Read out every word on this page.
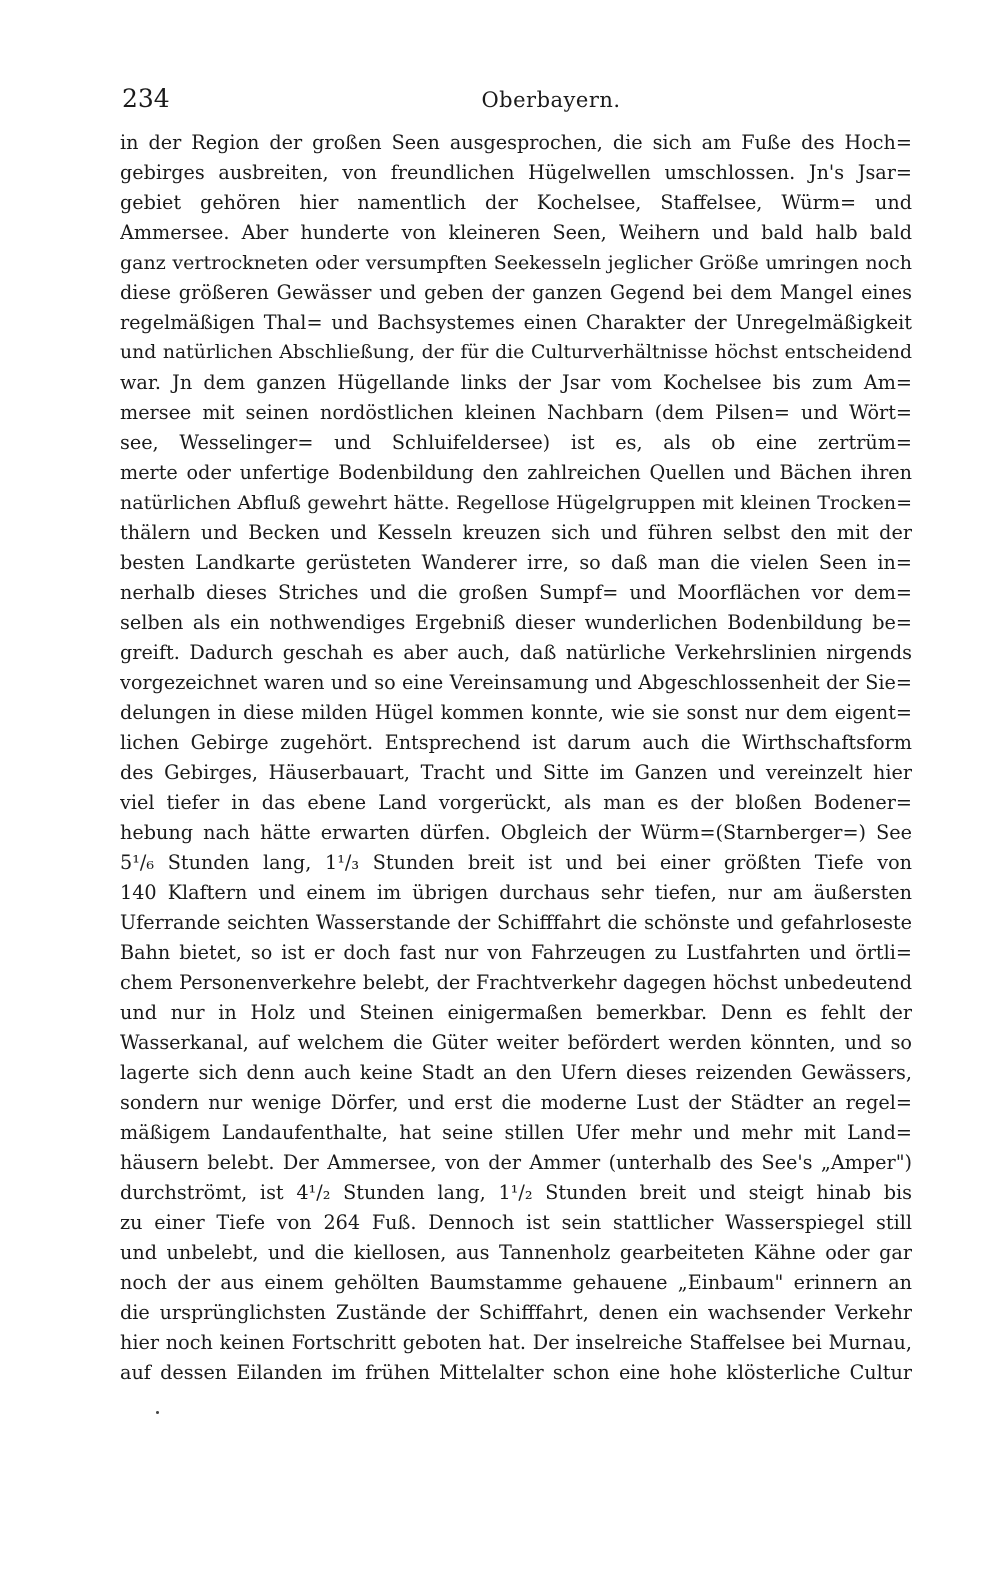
234	Oberbayern.
in der Region der großen Seen ausgesprochen, die sich am Fuße des Hoch=
gebirges ausbreiten, von freundlichen Hügelwellen umschlossen. Jn's Jsar=
gebiet gehören hier namentlich der Kochelsee, Staffelsee, Würm= und
Ammersee. Aber hunderte von kleineren Seen, Weihern und bald halb bald
ganz vertrockneten oder versumpften Seekesseln jeglicher Größe umringen noch
diese größeren Gewässer und geben der ganzen Gegend bei dem Mangel eines
regelmäßigen Thal= und Bachsystemes einen Charakter der Unregelmäßigkeit
und natürlichen Abschließung, der für die Culturverhältnisse höchst entscheidend
war. Jn dem ganzen Hügellande links der Jsar vom Kochelsee bis zum Am=
mersee mit seinen nordöstlichen kleinen Nachbarn (dem Pilsen= und Wört=
see, Wesselinger= und Schluifeldersee) ist es, als ob eine zertrüm=
merte oder unfertige Bodenbildung den zahlreichen Quellen und Bächen ihren
natürlichen Abfluß gewehrt hätte. Regellose Hügelgruppen mit kleinen Trocken=
thälern und Becken und Kesseln kreuzen sich und führen selbst den mit der
besten Landkarte gerüsteten Wanderer irre, so daß man die vielen Seen in=
nerhalb dieses Striches und die großen Sumpf= und Moorflächen vor dem=
selben als ein nothwendiges Ergebniß dieser wunderlichen Bodenbildung be=
greift. Dadurch geschah es aber auch, daß natürliche Verkehrslinien nirgends
vorgezeichnet waren und so eine Vereinsamung und Abgeschlossenheit der Sie=
delungen in diese milden Hügel kommen konnte, wie sie sonst nur dem eigent=
lichen Gebirge zugehört. Entsprechend ist darum auch die Wirthschaftsform
des Gebirges, Häuserbauart, Tracht und Sitte im Ganzen und vereinzelt hier
viel tiefer in das ebene Land vorgerückt, als man es der bloßen Bodener=
hebung nach hätte erwarten dürfen. Obgleich der Würm=(Starnberger=) See
5¹/₆ Stunden lang, 1¹/₃ Stunden breit ist und bei einer größten Tiefe von
140 Klaftern und einem im übrigen durchaus sehr tiefen, nur am äußersten
Uferrande seichten Wasserstande der Schifffahrt die schönste und gefahrloseste
Bahn bietet, so ist er doch fast nur von Fahrzeugen zu Lustfahrten und örtli=
chem Personenverkehre belebt, der Frachtverkehr dagegen höchst unbedeutend
und nur in Holz und Steinen einigermaßen bemerkbar. Denn es fehlt der
Wasserkanal, auf welchem die Güter weiter befördert werden könnten, und so
lagerte sich denn auch keine Stadt an den Ufern dieses reizenden Gewässers,
sondern nur wenige Dörfer, und erst die moderne Lust der Städter an regel=
mäßigem Landaufenthalte, hat seine stillen Ufer mehr und mehr mit Land=
häusern belebt. Der Ammersee, von der Ammer (unterhalb des See's „Amper")
durchströmt, ist 4¹/₂ Stunden lang, 1¹/₂ Stunden breit und steigt hinab bis
zu einer Tiefe von 264 Fuß. Dennoch ist sein stattlicher Wasserspiegel still
und unbelebt, und die kiellosen, aus Tannenholz gearbeiteten Kähne oder gar
noch der aus einem gehölten Baumstamme gehauene „Einbaum" erinnern an
die ursprünglichsten Zustände der Schifffahrt, denen ein wachsender Verkehr
hier noch keinen Fortschritt geboten hat. Der inselreiche Staffelsee bei Murnau,
auf dessen Eilanden im frühen Mittelalter schon eine hohe klösterliche Cultur
